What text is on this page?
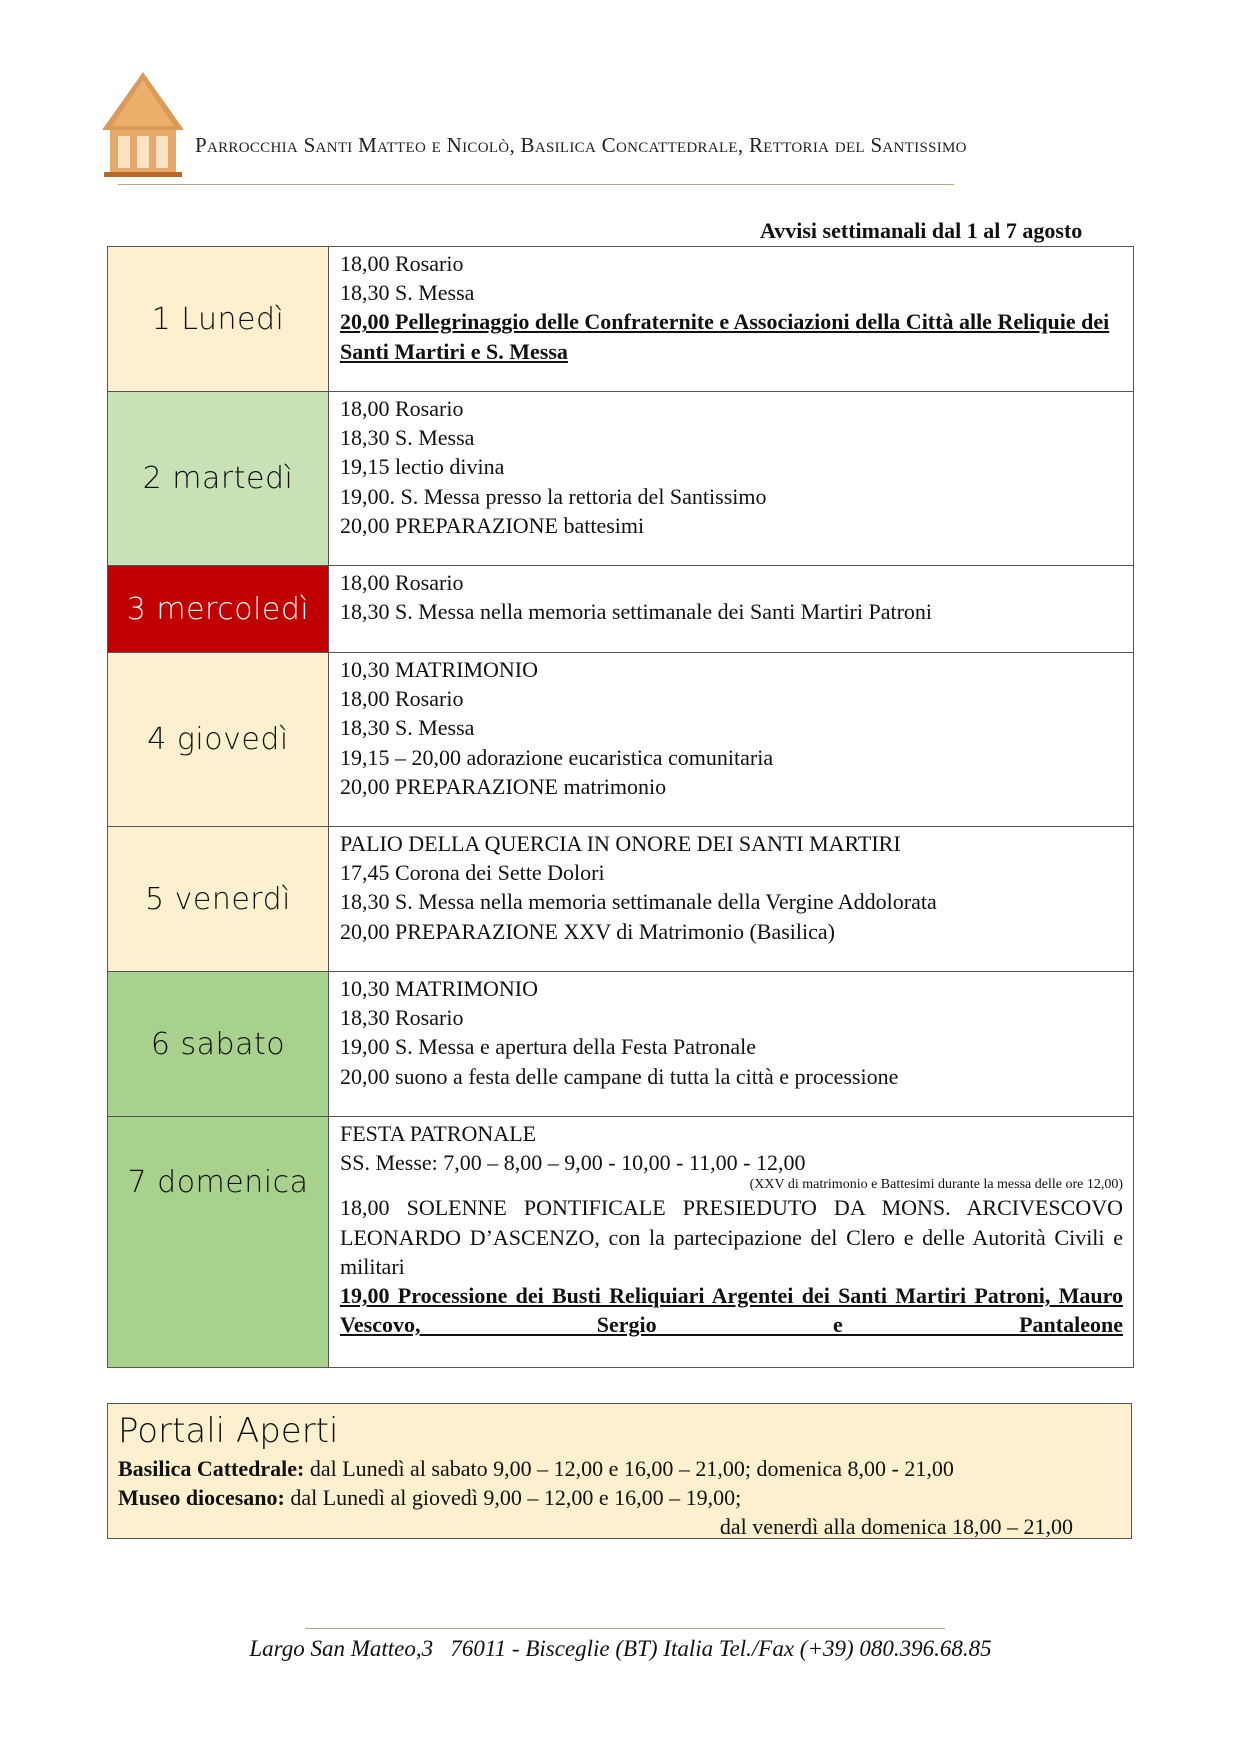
Parrocchia Santi Matteo e Nicolò, Basilica Concattedrale, Rettoria del Santissimo
Avvisi settimanali dal 1 al 7 agosto
1 Lunedì	18,00 Rosario
18,30 S. Messa
20,00 Pellegrinaggio delle Confraternite e Associazioni della Città alle Reliquie dei Santi Martiri e S. Messa

2 martedì	18,00 Rosario
18,30 S. Messa
19,15 lectio divina
19,00. S. Messa presso la rettoria del Santissimo
20,00 PREPARAZIONE battesimi

3 mercoledì	18,00 Rosario
18,30 S. Messa nella memoria settimanale dei Santi Martiri Patroni

4 giovedì	10,30 MATRIMONIO
18,00 Rosario
18,30 S. Messa
19,15 – 20,00 adorazione eucaristica comunitaria
20,00 PREPARAZIONE matrimonio

5 venerdì	PALIO DELLA QUERCIA IN ONORE DEI SANTI MARTIRI
17,45 Corona dei Sette Dolori
18,30 S. Messa nella memoria settimanale della Vergine Addolorata
20,00 PREPARAZIONE XXV di Matrimonio (Basilica)

6 sabato	10,30 MATRIMONIO
18,30 Rosario
19,00 S. Messa e apertura della Festa Patronale
20,00 suono a festa delle campane di tutta la città e processione

7 domenica	FESTA PATRONALE
SS. Messe: 7,00 – 8,00 – 9,00 - 10,00 - 11,00 - 12,00
(XXV di matrimonio e Battesimi durante la messa delle ore 12,00)
18,00 SOLENNE PONTIFICALE PRESIEDUTO DA MONS. ARCIVESCOVO LEONARDO D’ASCENZO, con la partecipazione del Clero e delle Autorità Civili e militari
19,00 Processione dei Busti Reliquiari Argentei dei Santi Martiri Patroni, Mauro Vescovo, Sergio e Pantaleone
Portali Aperti
Basilica Cattedrale: dal Lunedì al sabato 9,00 – 12,00 e 16,00 – 21,00; domenica 8,00 - 21,00
Museo diocesano: dal Lunedì al giovedì 9,00 – 12,00 e 16,00 – 19,00;
dal venerdì alla domenica 18,00 – 21,00
Largo San Matteo,3   76011 - Bisceglie (BT) Italia Tel./Fax (+39) 080.396.68.85
